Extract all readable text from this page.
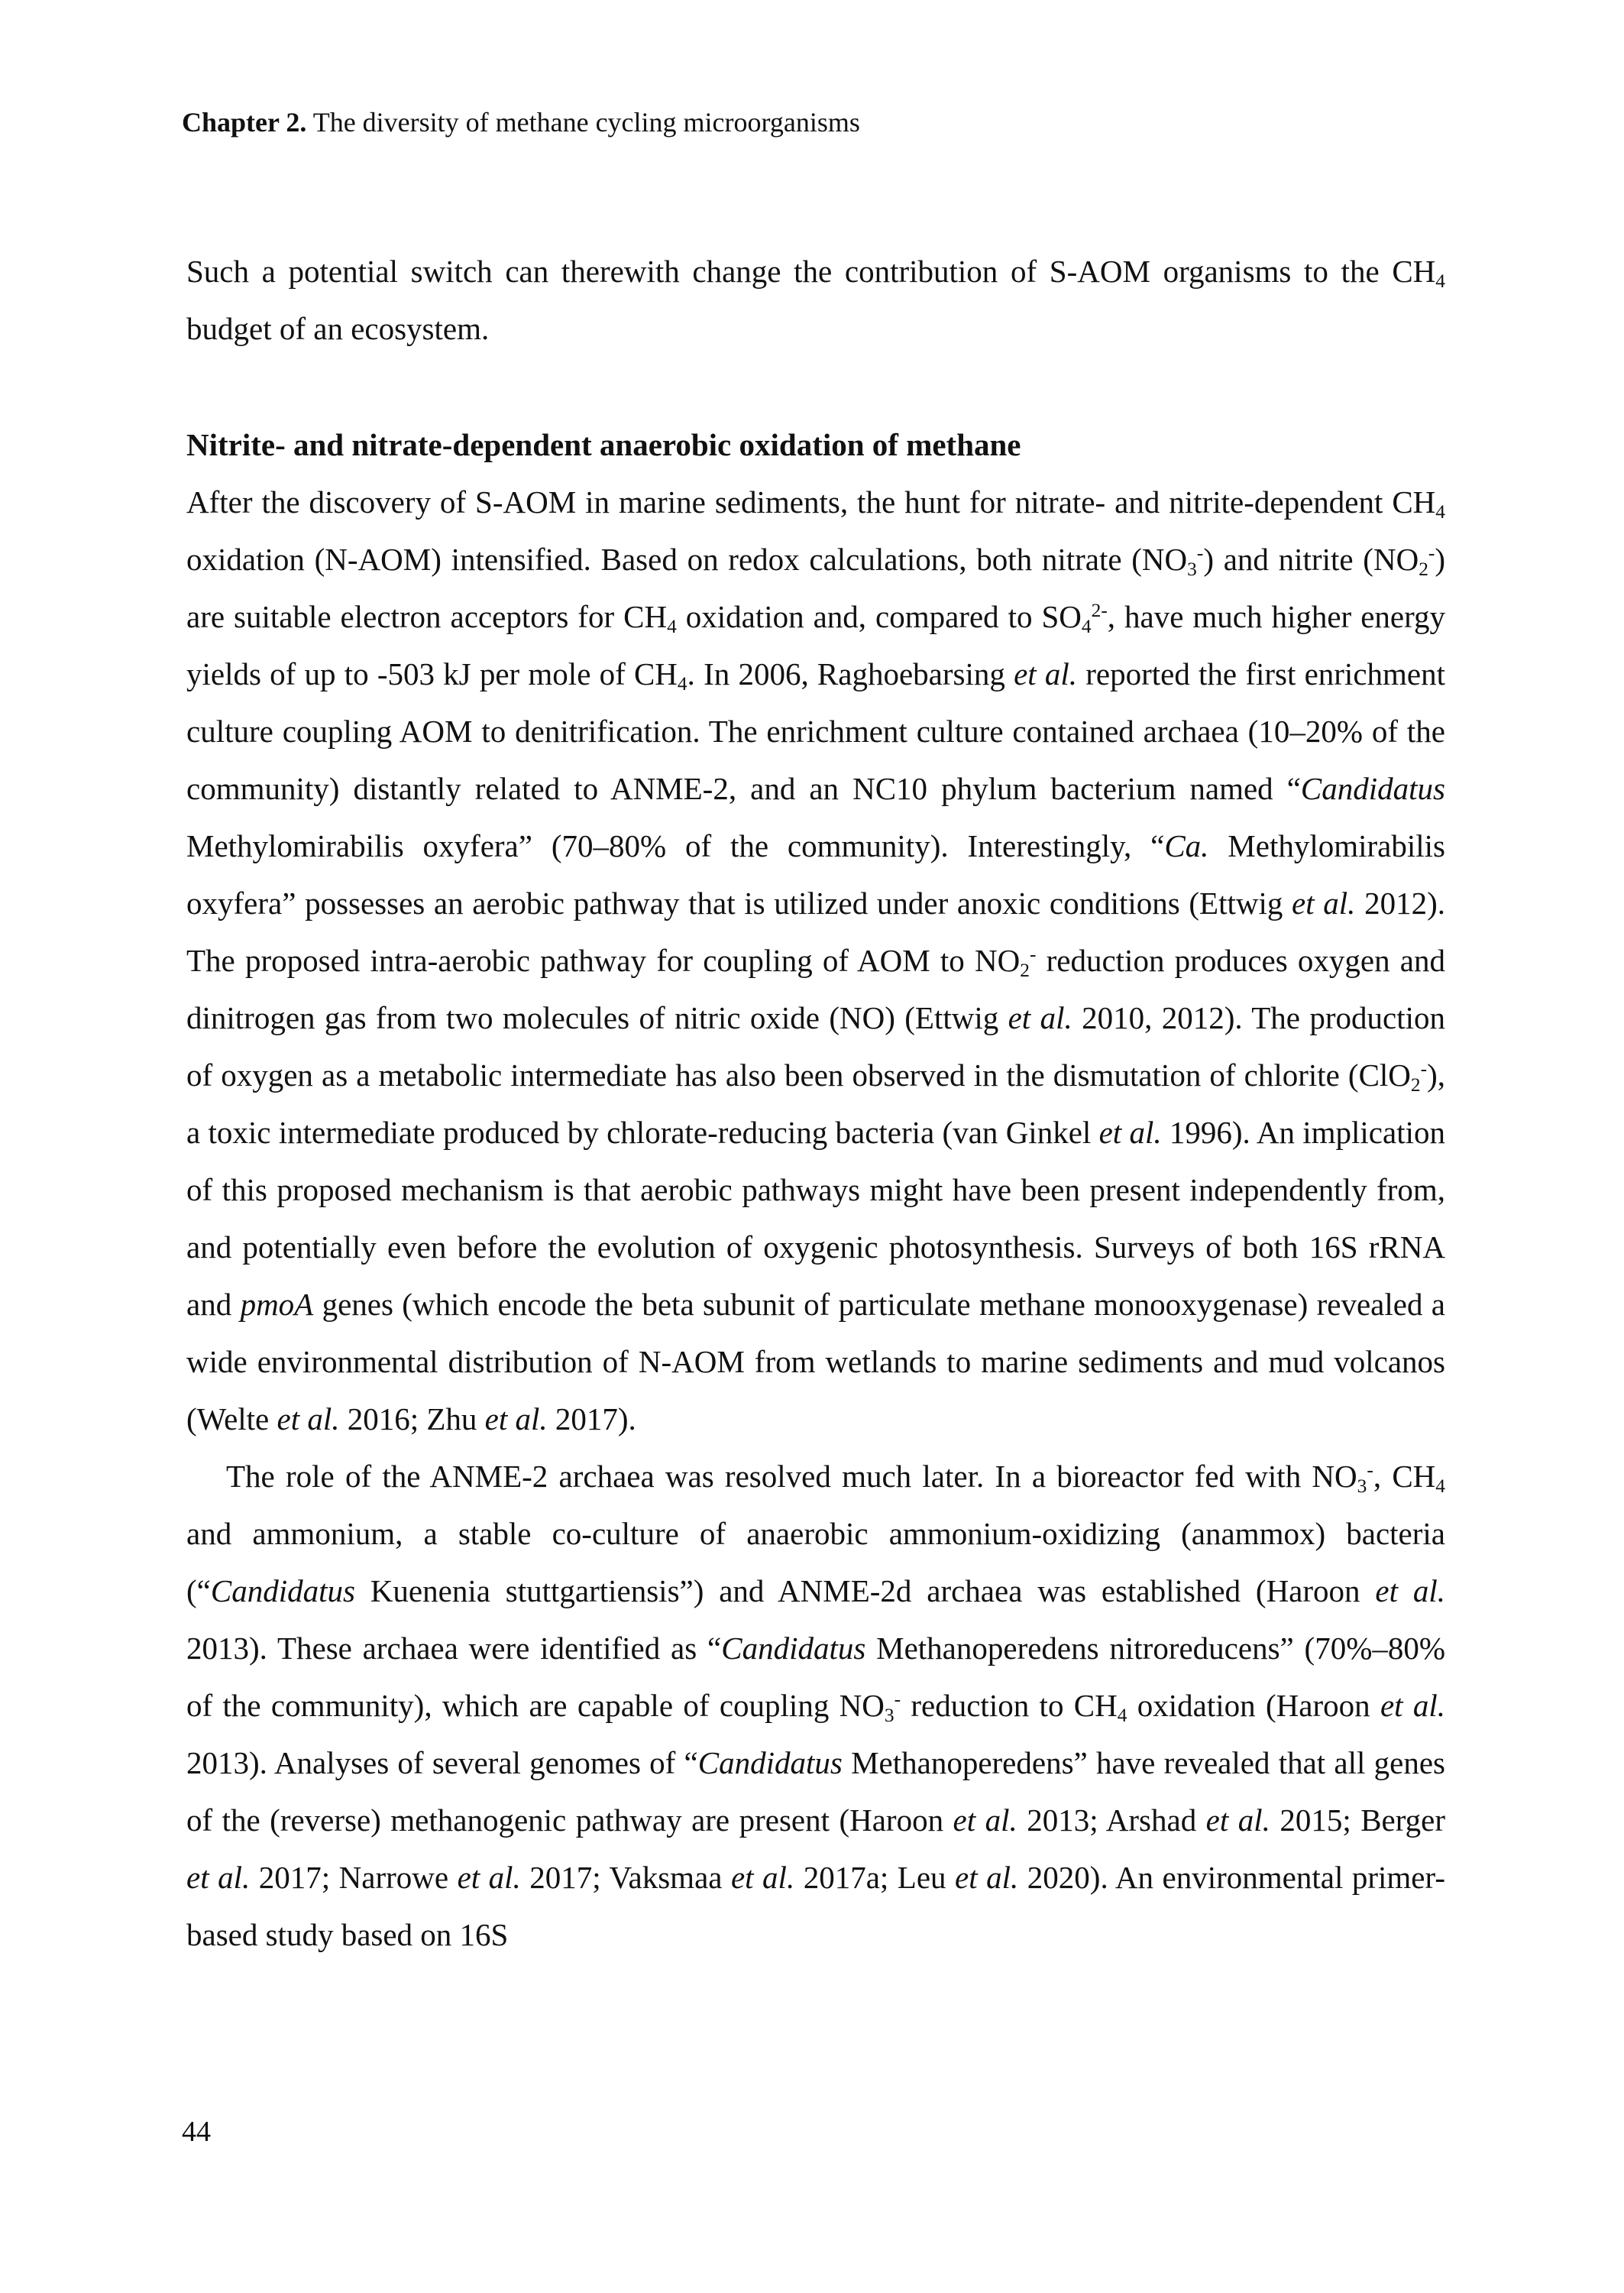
Chapter 2. The diversity of methane cycling microorganisms

Such a potential switch can therewith change the contribution of S-AOM organisms to the $CH_4$ budget of an ecosystem.

Nitrite- and nitrate-dependent anaerobic oxidation of methane

After the discovery of S-AOM in marine sediments, the hunt for nitrate- and nitrite-dependent $CH_4$ oxidation (N-AOM) intensified. Based on redox calculations, both nitrate $(NO_3^-)$ and nitrite $(NO_2^-)$ are suitable electron acceptors for $CH_4$ oxidation and, compared to $SO_4^{2-}$, have much higher energy yields of up to -503 kJ per mole of $CH_4$. In 2006, Raghoebarsing et al. reported the first enrichment culture coupling AOM to denitrification. The enrichment culture contained archaea (10–20% of the community) distantly related to ANME-2, and an NC10 phylum bacterium named “Candidatus Methylomirabilis oxyfera” (70–80% of the community). Interestingly, “Ca. Methylomirabilis oxyfera” possesses an aerobic pathway that is utilized under anoxic conditions (Ettwig et al. 2012). The proposed intra-aerobic pathway for coupling of AOM to $NO_2^-$ reduction produces oxygen and dinitrogen gas from two molecules of nitric oxide (NO) (Ettwig et al. 2010, 2012). The production of oxygen as a metabolic intermediate has also been observed in the dismutation of chlorite (ClO$_2$-), a toxic intermediate produced by chlorate-reducing bacteria (van Ginkel et al. 1996). An implication of this proposed mechanism is that aerobic pathways might have been present independently from, and potentially even before the evolution of oxygenic photosynthesis. Surveys of both 16S rRNA and pmoA genes (which encode the beta subunit of particulate methane monooxygenase) revealed a wide environmental distribution of N-AOM from wetlands to marine sediments and mud volcanos (Welte et al. 2016; Zhu et al. 2017).

The role of the ANME-2 archaea was resolved much later. In a bioreactor fed with $NO_3^-$, $CH_4$ and ammonium, a stable co-culture of anaerobic ammonium-oxidizing (anammox) bacteria (“Candidatus Kuenenia stuttgartiensis”) and ANME-2d archaea was established (Haroon et al. 2013). These archaea were identified as “Candidatus Methanoperedens nitroreducens” (70%–80% of the community), which are capable of coupling $NO_3^-$ reduction to $CH_4$ oxidation (Haroon et al. 2013). Analyses of several genomes of “Candidatus Methanoperedens” have revealed that all genes of the (reverse) methanogenic pathway are present (Haroon et al. 2013; Arshad et al. 2015; Berger et al. 2017; Narrowe et al. 2017; Vaksmaa et al. 2017a; Leu et al. 2020). An environmental primer-based study based on 16S

44
